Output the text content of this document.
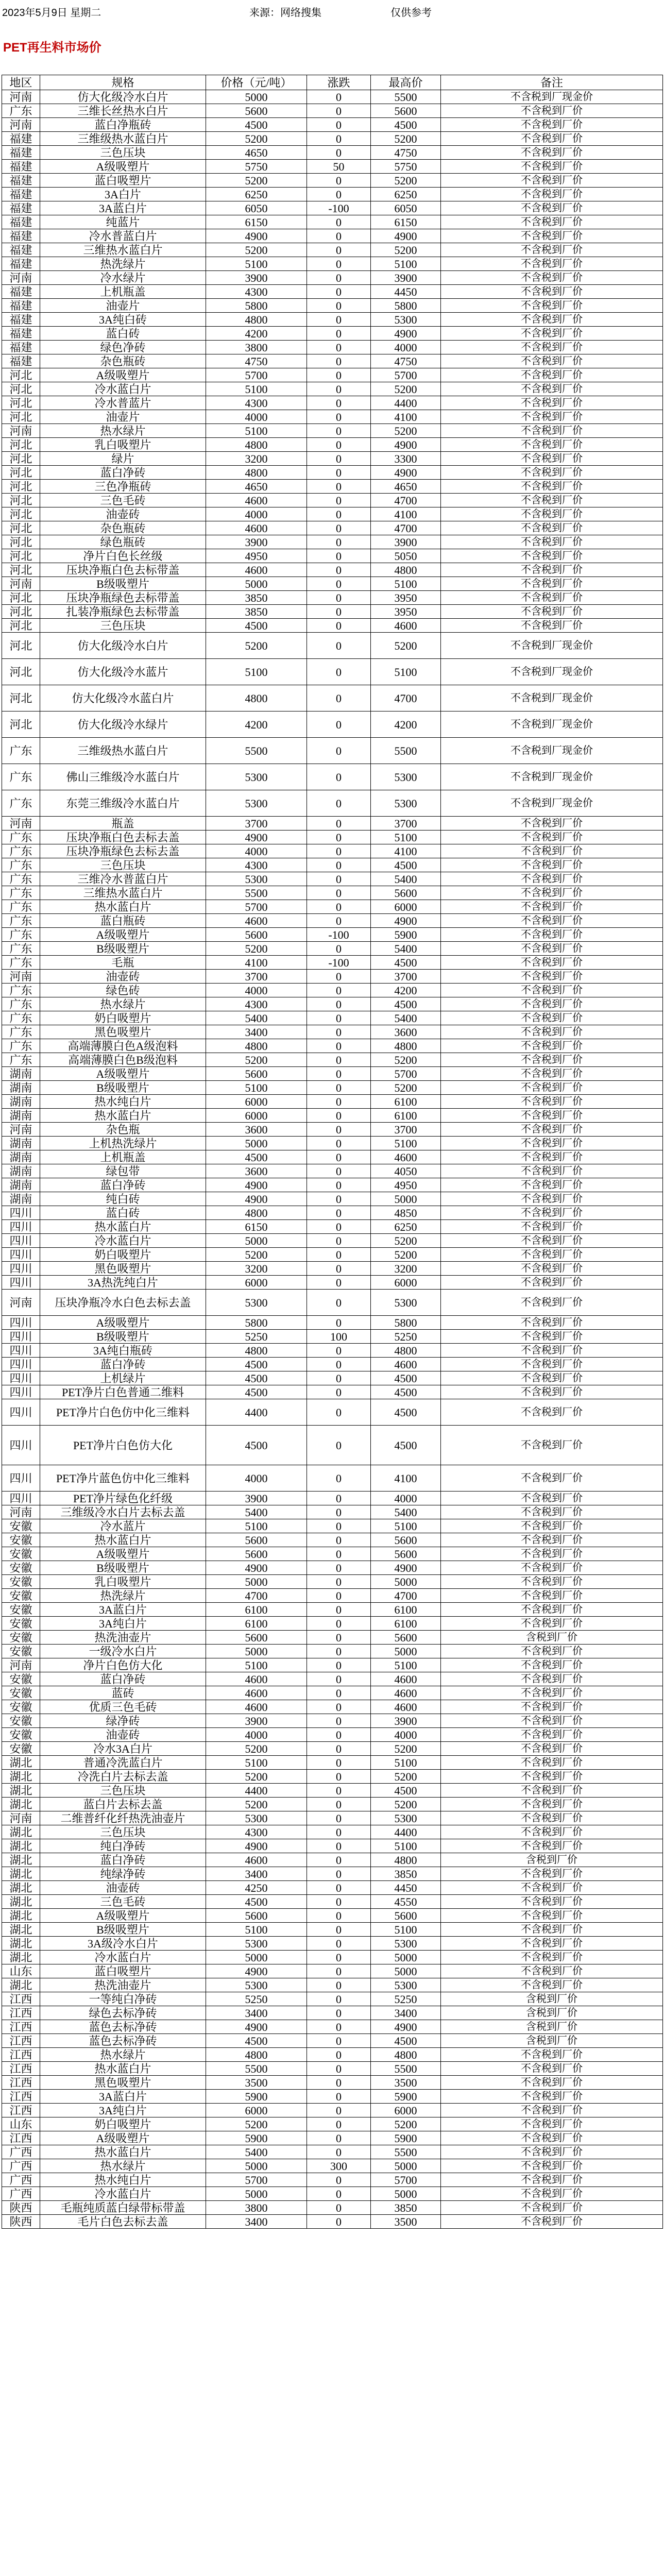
2023年5月9日 星期二	来源：网络搜集	仅供参考
PET再生料市场价
地区	规格	价格（元/吨）	涨跌	最高价	备注
河南	仿大化级冷水白片	5000	0	5500	不含税到厂现金价
广东	三维长丝热水白片	5600	0	5600	不含税到厂价
河南	蓝白净瓶砖	4500	0	4500	不含税到厂价
福建	三维级热水蓝白片	5200	0	5200	不含税到厂价
福建	三色压块	4650	0	4750	不含税到厂价
福建	A级吸塑片	5750	50	5750	不含税到厂价
福建	蓝白吸塑片	5200	0	5200	不含税到厂价
福建	3A白片	6250	0	6250	不含税到厂价
福建	3A蓝白片	6050	-100	6050	不含税到厂价
福建	纯蓝片	6150	0	6150	不含税到厂价
福建	冷水普蓝白片	4900	0	4900	不含税到厂价
福建	三维热水蓝白片	5200	0	5200	不含税到厂价
福建	热洗绿片	5100	0	5100	不含税到厂价
河南	冷水绿片	3900	0	3900	不含税到厂价
福建	上机瓶盖	4300	0	4450	不含税到厂价
福建	油壶片	5800	0	5800	不含税到厂价
福建	3A纯白砖	4800	0	5300	不含税到厂价
福建	蓝白砖	4200	0	4900	不含税到厂价
福建	绿色净砖	3800	0	4000	不含税到厂价
福建	杂色瓶砖	4750	0	4750	不含税到厂价
河北	A级吸塑片	5700	0	5700	不含税到厂价
河北	冷水蓝白片	5100	0	5200	不含税到厂价
河北	冷水普蓝片	4300	0	4400	不含税到厂价
河北	油壶片	4000	0	4100	不含税到厂价
河南	热水绿片	5100	0	5200	不含税到厂价
河北	乳白吸塑片	4800	0	4900	不含税到厂价
河北	绿片	3200	0	3300	不含税到厂价
河北	蓝白净砖	4800	0	4900	不含税到厂价
河北	三色净瓶砖	4650	0	4650	不含税到厂价
河北	三色毛砖	4600	0	4700	不含税到厂价
河北	油壶砖	4000	0	4100	不含税到厂价
河北	杂色瓶砖	4600	0	4700	不含税到厂价
河北	绿色瓶砖	3900	0	3900	不含税到厂价
河北	净片白色长丝级	4950	0	5050	不含税到厂价
河北	压块净瓶白色去标带盖	4600	0	4800	不含税到厂价
河南	B级吸塑片	5000	0	5100	不含税到厂价
河北	压块净瓶绿色去标带盖	3850	0	3950	不含税到厂价
河北	扎装净瓶绿色去标带盖	3850	0	3950	不含税到厂价
河北	三色压块	4500	0	4600	不含税到厂价
河北	仿大化级冷水白片	5200	0	5200	不含税到厂现金价
河北	仿大化级冷水蓝片	5100	0	5100	不含税到厂现金价
河北	仿大化级冷水蓝白片	4800	0	4700	不含税到厂现金价
河北	仿大化级冷水绿片	4200	0	4200	不含税到厂现金价
广东	三维级热水蓝白片	5500	0	5500	不含税到厂现金价
广东	佛山三维级冷水蓝白片	5300	0	5300	不含税到厂现金价
广东	东莞三维级冷水蓝白片	5300	0	5300	不含税到厂现金价
河南	瓶盖	3700	0	3700	不含税到厂价
广东	压块净瓶白色去标去盖	4900	0	5100	不含税到厂价
广东	压块净瓶绿色去标去盖	4000	0	4100	不含税到厂价
广东	三色压块	4300	0	4500	不含税到厂价
广东	三维冷水普蓝白片	5300	0	5400	不含税到厂价
广东	三维热水蓝白片	5500	0	5600	不含税到厂价
广东	热水蓝白片	5700	0	6000	不含税到厂价
广东	蓝白瓶砖	4600	0	4900	不含税到厂价
广东	A级吸塑片	5600	-100	5900	不含税到厂价
广东	B级吸塑片	5200	0	5400	不含税到厂价
广东	毛瓶	4100	-100	4500	不含税到厂价
河南	油壶砖	3700	0	3700	不含税到厂价
广东	绿色砖	4000	0	4200	不含税到厂价
广东	热水绿片	4300	0	4500	不含税到厂价
广东	奶白吸塑片	5400	0	5400	不含税到厂价
广东	黑色吸塑片	3400	0	3600	不含税到厂价
广东	高端薄膜白色A级泡料	4800	0	4800	不含税到厂价
广东	高端薄膜白色B级泡料	5200	0	5200	不含税到厂价
湖南	A级吸塑片	5600	0	5700	不含税到厂价
湖南	B级吸塑片	5100	0	5200	不含税到厂价
湖南	热水纯白片	6000	0	6100	不含税到厂价
湖南	热水蓝白片	6000	0	6100	不含税到厂价
河南	杂色瓶	3600	0	3700	不含税到厂价
湖南	上机热洗绿片	5000	0	5100	不含税到厂价
湖南	上机瓶盖	4500	0	4600	不含税到厂价
湖南	绿包带	3600	0	4050	不含税到厂价
湖南	蓝白净砖	4900	0	4950	不含税到厂价
湖南	纯白砖	4900	0	5000	不含税到厂价
四川	蓝白砖	4800	0	4850	不含税到厂价
四川	热水蓝白片	6150	0	6250	不含税到厂价
四川	冷水蓝白片	5000	0	5200	不含税到厂价
四川	奶白吸塑片	5200	0	5200	不含税到厂价
四川	黑色吸塑片	3200	0	3200	不含税到厂价
四川	3A热洗纯白片	6000	0	6000	不含税到厂价
河南	压块净瓶冷水白色去标去盖	5300	0	5300	不含税到厂价
四川	A级吸塑片	5800	0	5800	不含税到厂价
四川	B级吸塑片	5250	100	5250	不含税到厂价
四川	3A纯白瓶砖	4800	0	4800	不含税到厂价
四川	蓝白净砖	4500	0	4600	不含税到厂价
四川	上机绿片	4500	0	4500	不含税到厂价
四川	PET净片白色普通二维料	4500	0	4500	不含税到厂价
四川	PET净片白色仿中化三维料	4400	0	4500	不含税到厂价
四川	PET净片白色仿大化	4500	0	4500	不含税到厂价
四川	PET净片蓝色仿中化三维料	4000	0	4100	不含税到厂价
四川	PET净片绿色化纤级	3900	0	4000	不含税到厂价
河南	三维级冷水白片去标去盖	5400	0	5400	不含税到厂价
安徽	冷水蓝片	5100	0	5100	不含税到厂价
安徽	热水蓝白片	5600	0	5600	不含税到厂价
安徽	A级吸塑片	5600	0	5600	不含税到厂价
安徽	B级吸塑片	4900	0	4900	不含税到厂价
安徽	乳白吸塑片	5000	0	5000	不含税到厂价
安徽	热洗绿片	4700	0	4700	不含税到厂价
安徽	3A蓝白片	6100	0	6100	不含税到厂价
安徽	3A纯白片	6100	0	6100	不含税到厂价
安徽	热洗油壶片	5600	0	5600	含税到厂价
安徽	一级冷水白片	5000	0	5000	不含税到厂价
河南	净片白色仿大化	5100	0	5100	不含税到厂价
安徽	蓝白净砖	4600	0	4600	不含税到厂价
安徽	蓝砖	4600	0	4600	不含税到厂价
安徽	优质三色毛砖	4600	0	4600	不含税到厂价
安徽	绿净砖	3900	0	3900	不含税到厂价
安徽	油壶砖	4000	0	4000	不含税到厂价
安徽	冷水3A白片	5200	0	5200	不含税到厂价
湖北	普通冷洗蓝白片	5100	0	5100	不含税到厂价
湖北	冷洗白片去标去盖	5200	0	5200	不含税到厂价
湖北	三色压块	4400	0	4500	不含税到厂价
湖北	蓝白片去标去盖	5200	0	5200	不含税到厂价
河南	二维普纤化纤热洗油壶片	5300	0	5300	不含税到厂价
湖北	三色压块	4300	0	4400	不含税到厂价
湖北	纯白净砖	4900	0	5100	不含税到厂价
湖北	蓝白净砖	4600	0	4800	含税到厂价
湖北	纯绿净砖	3400	0	3850	不含税到厂价
湖北	油壶砖	4250	0	4450	不含税到厂价
湖北	三色毛砖	4500	0	4550	不含税到厂价
湖北	A级吸塑片	5600	0	5600	不含税到厂价
湖北	B级吸塑片	5100	0	5100	不含税到厂价
湖北	3A级冷水白片	5300	0	5300	不含税到厂价
湖北	冷水蓝白片	5000	0	5000	不含税到厂价
山东	蓝白吸塑片	4900	0	5000	不含税到厂价
湖北	热洗油壶片	5300	0	5300	不含税到厂价
江西	一等纯白净砖	5250	0	5250	含税到厂价
江西	绿色去标净砖	3400	0	3400	含税到厂价
江西	蓝色去标净砖	4900	0	4900	含税到厂价
江西	蓝色去标净砖	4500	0	4500	含税到厂价
江西	热水绿片	4800	0	4800	不含税到厂价
江西	热水蓝白片	5500	0	5500	不含税到厂价
江西	黑色吸塑片	3500	0	3500	不含税到厂价
江西	3A蓝白片	5900	0	5900	不含税到厂价
江西	3A纯白片	6000	0	6000	不含税到厂价
山东	奶白吸塑片	5200	0	5200	不含税到厂价
江西	A级吸塑片	5900	0	5900	不含税到厂价
广西	热水蓝白片	5400	0	5500	不含税到厂价
广西	热水绿片	5000	300	5000	不含税到厂价
广西	热水纯白片	5700	0	5700	不含税到厂价
广西	冷水蓝白片	5000	0	5000	不含税到厂价
陕西	毛瓶纯质蓝白绿带标带盖	3800	0	3850	不含税到厂价
陕西	毛片白色去标去盖	3400	0	3500	不含税到厂价
